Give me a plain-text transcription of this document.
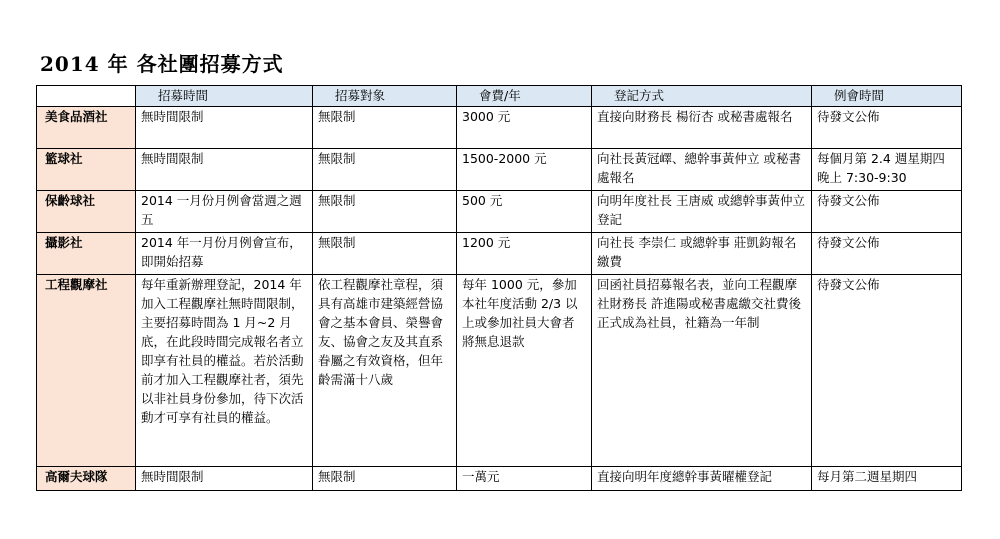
2014 年 各社團招募方式
	招募時間	招募對象	會費/年	登記方式	例會時間
美食品酒社	無時間限制	無限制	3000 元	直接向財務長 楊衍杏 或秘書處報名	待發文公佈
籃球社	無時間限制	無限制	1500-2000 元	向社長黃冠嶧、總幹事黃仲立 或秘書處報名	每個月第 2.4 週星期四晚上 7:30-9:30
保齡球社	2014 一月份月例會當週之週五	無限制	500 元	向明年度社長 王唐威 或總幹事黃仲立登記	待發文公佈
攝影社	2014 年一月份月例會宣布，即開始招募	無限制	1200 元	向社長 李崇仁 或總幹事 莊凱鈞報名繳費	待發文公佈
工程觀摩社	每年重新辦理登記，2014 年加入工程觀摩社無時間限制，主要招募時間為 1 月~2 月底，在此段時間完成報名者立即享有社員的權益。若於活動前才加入工程觀摩社者，須先以非社員身份參加，待下次活動才可享有社員的權益。	依工程觀摩社章程，須具有高雄市建築經營協會之基本會員、榮譽會友、協會之友及其直系眷屬之有效資格，但年齡需滿十八歲	每年 1000 元，參加本社年度活動 2/3 以上或參加社員大會者將無息退款	回函社員招募報名表，並向工程觀摩社財務長 許進陽或秘書處繳交社費後正式成為社員，社籍為一年制	待發文公佈
高爾夫球隊	無時間限制	無限制	一萬元	直接向明年度總幹事黃曜權登記	每月第二週星期四
